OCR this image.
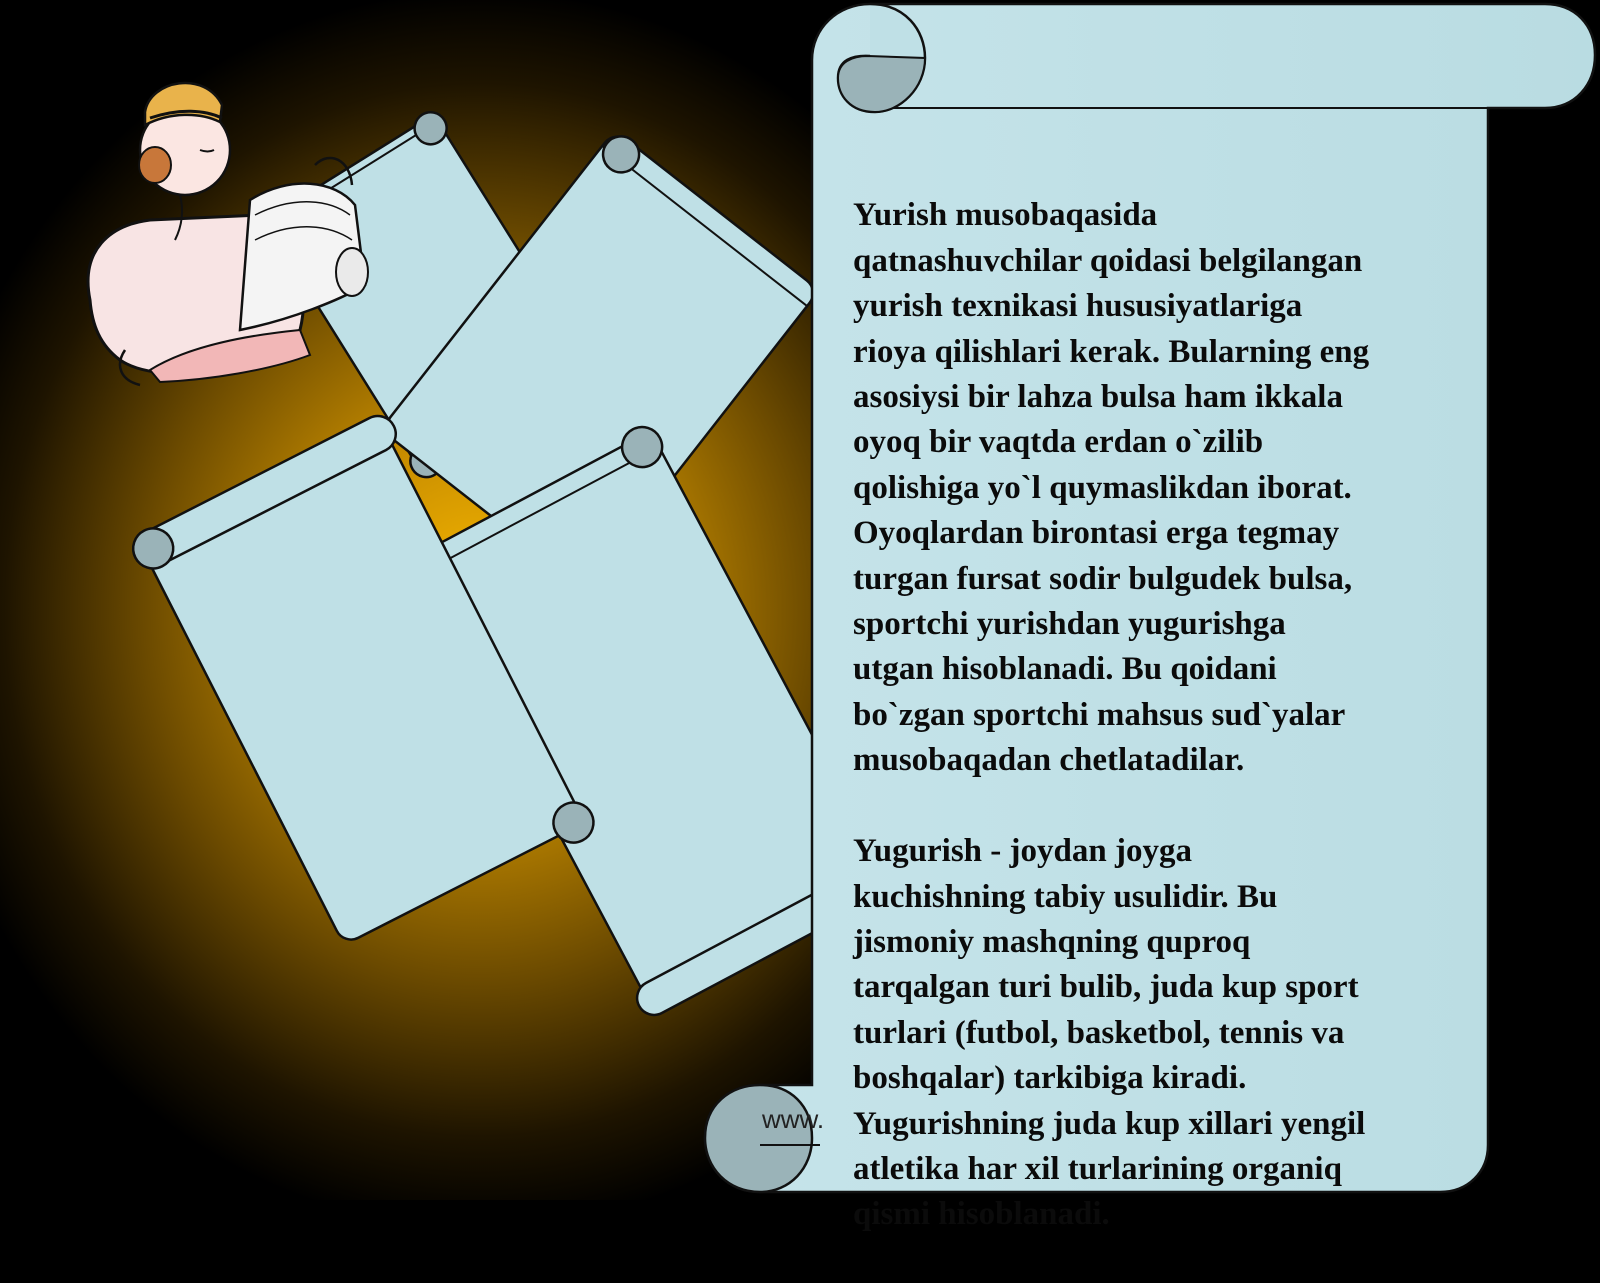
Yurish musobaqasida
qatnashuvchilar qoidasi belgilangan
yurish texnikasi hususiyatlariga
rioya qilishlari kerak. Bularning eng
asosiysi bir lahza bulsa ham ikkala
oyoq bir vaqtda erdan o`zilib
qolishiga yo`l quymaslikdan iborat.
Oyoqlardan birontasi erga tegmay
turgan fursat sodir bulgudek bulsa,
sportchi yurishdan yugurishga
utgan hisoblanadi. Bu qoidani
bo`zgan sportchi mahsus sud`yalar
musobaqadan chetlatadilar.

Yugurish - joydan joyga
kuchishning tabiy usulidir. Bu
jismoniy mashqning quproq
tarqalgan turi bulib, juda kup sport
turlari (futbol, basketbol, tennis va
boshqalar) tarkibiga kiradi.
Yugurishning juda kup xillari yengil
atletika har xil turlarining organiq
qismi hisoblanadi.

www.
